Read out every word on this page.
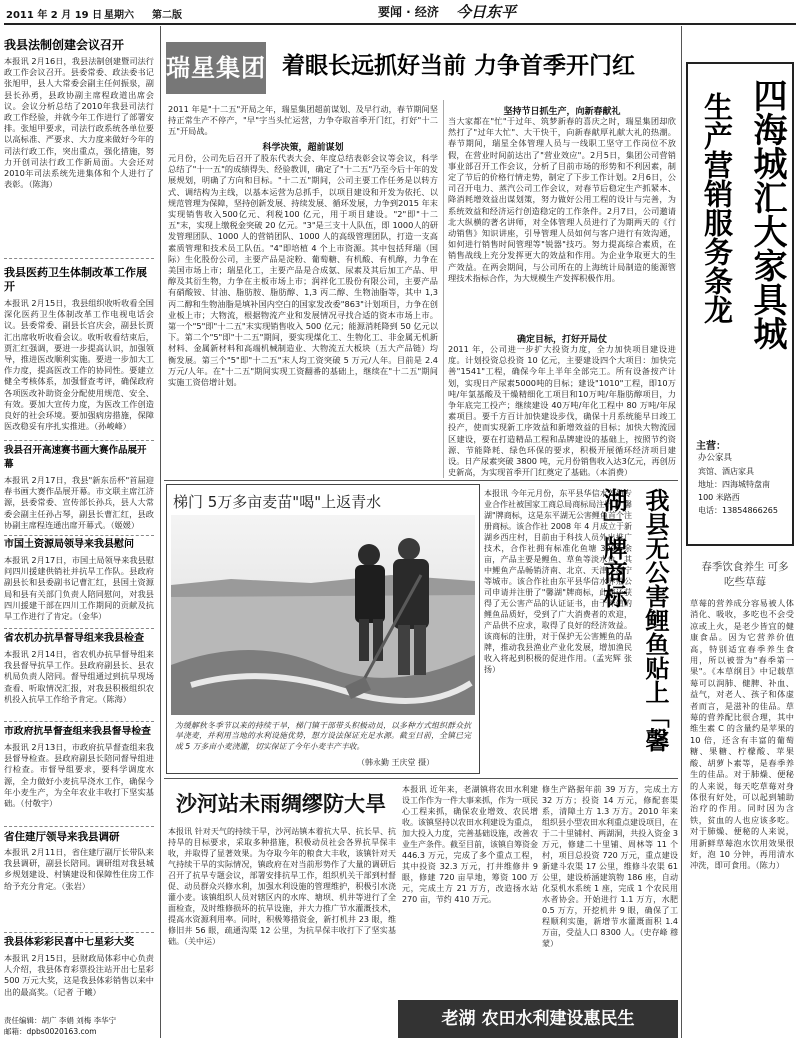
2011 年 2 月 19 日 星期六 第二版	要闻 · 经济 今日东平
我县法制创建会议召开
本报讯 2月16日，我县法制创建暨司法行政工作会议召开。县委常委、政法委书记张旭甲，县人大常委会副主任何振泉，副县长孙勇，县政协副主席程政道出席会议。会议分析总结了2010年我县司法行政工作经验，并就今年工作进行了部署安排。张旭甲要求，司法行政系统各单位要以高标准、严要求、大力度来做好今年的司法行政工作，突出重点，强化措施，努力开创司法行政工作新局面。大会还对2010年司法系统先进集体和个人进行了表彰。（陈海）
我县医药卫生体制改革工作展开
本报讯 2月15日，我县组织收听收看全国深化医药卫生体制改革工作电视电话会议。县委常委、副县长宫庆会，副县长贾汇出席收听收看会议。收听收看结束后，贾汇红强调，要进一步提高认识，加强领导，推进医改顺利实施。要进一步加大工作力度，提高医改工作的协同性。要建立健全考核体系，加强督查考评，确保政府各项医改补助资金分配使用规范、安全、有效。要加大宣传力度，为医改工作创造良好的社会环境。要加强病房措施，保障医改稳妥有序扎实推进。（孙峻峰）
我县召开高速赛书画大赛作品展开幕
本报讯 2月17日，我县"新东岳杯"首届迎春书画大赛作品展开幕。市文联主席江济源，县委常委、宣传部长孙兵，县人大常委会副主任孙占琴，副县长曹汇红，县政协副主席程连通出席开幕式。（姬媛）
市国土资源局领导来我县慰问
本报讯 2月17日，市国土局领导来我县慰问四川援建供销社并抗旱工作队。县政府副县长和县委副书记曹汇红，县国土资源局和县有关部门负责人陪同慰问，对我县四川援建干部在四川工作期间的贡献及抗旱工作进行了肯定。（金华）
省农机办抗旱督导组来我县检查
本报讯 2月14日，省农机办抗旱督导组来我县督导抗旱工作。县政府副县长、县农机局负责人陪同。督导组通过到抗旱现场查看、听取情况汇报，对我县积极组织农机投入抗旱工作给予肯定。（陈海）
市政府抗旱督查组来我县督导检查
本报讯 2月13日，市政府抗旱督查组来我县督导检查。县政府副县长陪同督导组进行检查。市督导组要求，要科学调度水源，全力做好小麦抗旱浇水工作，确保今年小麦生产，为全年农业丰收打下坚实基础。（付敬宇）
省住建厅领导来我县调研
本报讯 2月11日，省住建厅副厅长带队来我县调研，副县长陪同。调研组对我县城乡规划建设、村镇建设和保障性住房工作给予充分肯定。（张岩）
我县体彩彩民喜中七星彩大奖
本报讯 2月15日，县财政局体彩中心负责人介绍，我县体育彩票投注站开出七星彩 500 万元大奖，这是我县体彩销售以来中出的最高奖。（记者 于曦）
责任编辑：胡广 李娟 刘梅 李华宁
邮箱：dpbs0020163.com
瑞星集团 着眼长远抓好当前 力争首季开门红
2011 年是"十二五"开局之年，瑞星集团超前谋划、及早行动，春节期间坚持正常生产不停产，"早"字当头忙运营，力争夺取首季开门红，打好"十二五"开局战。
科学决策，超前谋划
元月份，公司先后召开了股东代表大会、年度总结表彰会议等会议，科学总结了"十一五"的成绩得失、经验教训，确定了"十二五"乃至今后十年的发展规划，明确了方向和目标。"十二五"期间，公司主要工作任务是以转方式、调结构为主线，以基本运营为总抓手，以项目建设和开发为依托、以规范管理为保障，坚持创新发展、持续发展、循环发展，力争到2015 年末实现销售收入500亿元、利税100 亿元，用于项目建设。"2"即"十二五"末，实现上缴税金突破 20 亿元。"3"是三支十人队伍，即 1000人的研发管理团队、1000 人的营销团队、1000 人的高级管理团队，打造一支高素质管理和技术员工队伍。"4"即培植 4 个上市资源。其中包括拜瑞（国际）生化股份公司，主要产品是淀粉、葡萄糖、有机酸、有机醇，力争在美国市场上市；瑞星化工，主要产品是合成氨、尿素及其后加工产品、甲醇及其衍生物，力争在主板市场上市；润祥化工股份有限公司，主要产品有硝酸铵、甘油、脂肪胺、脂肪醇、1,3 丙二醇、生物油脂等，其中 1,3 丙二醇和生物油脂是填补国内空白的国家发改委"863"计划项目，力争在创业板上市；大物流，根据物流产业和发展情况寻找合适的资本市场上市。第一个"5"即"十二五"末实现销售收入 500 亿元；能源消耗降到 50 亿元以下。第二个"5"即"十二五"期间，要实现煤化工、生物化工、非金属无机新材料、金属新材料和高端机械制造业、大物流五大板块（五大产品链）均衡发展。第三个"5"即"十二五"末人均工资突破 5 万元/人年。目前是 2.4 万元/人年。在"十二五"期间实现工资翻番的基础上，继续在"十二五"期间实施工资倍增计划。
坚持节日抓生产，向新春献礼
当大家都在"忙"于过年、筑梦新春的喜庆之时，瑞星集团却欣然打了"过年大忙"、大干快干，向新春献厚礼献大礼的热潮。春节期间，瑞星全体管理人员与一线职工坚守工作岗位不放假，在营业时间前达出了"营业效应"。2月5日，集团公司营销事业部召开工作会议，分析了目前市场的形势和不利因素，制定了节后的价格行情走势，制定了下步工作计划。2月6日，公司召开电力、蒸汽公司工作会议，对春节后稳定生产抓紧本、降消耗增效益出谋划策，努力做好公用工程的设计与完善，为系统效益和经济运行创造稳定的工作条件。2月7日，公司邀请北大纵横的著名讲师，对全体管理人员进行了为期两天的《行动销售》知识讲座，引导管理人员如何与客户进行有效沟通，如何进行销售时间管理等"锐器"技巧。努力提高综合素质，在销售战线上充分发挥更大的效益和作用。为企业争取更大的生产效益。在两会期间，与公司所在的上海统计局制造的能源管理技术指标合作，为大规模生产发挥积极作用。
确定目标，打好开局仗
2011 年，公司进一步扩大投资力度，全力加快项目建设进度。计划投资总投资 10 亿元，主要建设四个大项目：加快完善"1541"工程，确保今年上半年全部完工。所有设备按产计划，实现日产尿素5000吨的目标；建设"1010"工程，即10万吨/年氯基酸及干燥精细化工项目和10万吨/年脂肪醇项目，力争年底完工投产；继续建设 40万吨/年化工程中 80 万吨/年尿素项目。要千方百计加快建设步伐，确保十月系统能早日竣工投产，使而实现新工序效益和新增效益的目标；加快大物流园区建设，要在打造精品工程和品牌建设的基础上，按照节约资源、节能降耗、绿色环保的要求，积极开展循环经济项目建设。日产尿素突破 3800 吨，元月份销售收入达3亿元，再创历史新高，为实现首季开门红奠定了基础。（本消费）
梯门 5万多亩麦苗"喝"上返青水
为缓解秋冬季节以来的持续干旱，梯门镇干部带头积极动员，以多种方式组织群众抗旱浇麦，并利用当地的水利设施优势，想方设法保证充足水源。截至目前，全镇已完成 5 万多亩小麦浇灌，切实保证了今年小麦丰产丰收。
（韩永勤 王庆堂 摄）
本报讯 今年元月份，东平县华信水养殖专业合作社被国家工商总局商标局注册了"馨湖"牌商标，这是东平湖无公害鲤鱼首个注册商标。该合作社 2008 年 4 月成立于新湖乡西庄村，目前由于科技人员外出推广技术，合作社拥有标准化鱼塘 3000 余亩，产品主要是鲤鱼、草鱼等淡水鱼，其中鲤鱼产品畅销济南、北京、天津、济宁等城市。该合作社由东平县华信水养殖公司申请并注册了"馨湖"牌商标，此前还获得了无公害产品的认证证书，由于养殖的鲤鱼品质好，受到了广大消费者的欢迎，产品供不应求，取得了良好的经济效益。该商标的注册，对于保护无公害鲤鱼的品牌，推动我县渔业产业化发展，增加渔民收入将起到积极的促进作用。（孟宪辉 张扬）	我县无公害鲤鱼贴上「馨湖」牌商标
沙河站未雨绸缪防大旱
本报讯 针对天气的持续干旱，沙河站镇本着抗大旱、抗长旱、抗持旱的目标要求，采取多种措施，积极动员社会各界抗旱保丰收，并取得了显著效果。为夺取今年的粮食大丰收，该镇针对天气持续干旱的实际情况，镇政府在对当前形势作了大量的调研后召开了抗旱专题会议，部署安排抗旱工作，组织机关干部到村督促、动员群众兴修水利，加强水利设施的管理维护，积极引水浇灌小麦。该镇组织人员对辖区内的水库、塘坝、机井等进行了全面检查，及时维修损坏的抗旱设施，并大力推广节水灌溉技术，提高水资源利用率。同时，积极筹措资金，新打机井 23 眼，维修旧井 56 眼，疏通沟渠 12 公里，为抗旱保丰收打下了坚实基础。（关中运）
本报讯 近年来，老湖镇将农田水利建设工作作为一件大事来抓，作为一项民心工程来抓，确保农业增效、农民增收。该镇坚持以农田水利建设为重点，加大投入力度，完善基础设施，改善农业生产条件。截至目前，该镇自筹资金 446.3 万元，完成了多个重点工程，其中投资 32.3 万元，打井维修井 9 眼，修建 720 亩旱地，筹资 100 万元，完成土方 21 万方，改造扬水站 270 亩，节约 410 万元。
修生产路据年前 39 万方，完成土方 32 万方；投资 14 万元，修配套渠系，清障土方 1.3 万方。2010 年来组织县小型农田水利重点建设项目，在于二十里铺村、两湖洞，共投入资金 3 万元，修建二十里铺、周林等 11 个村，项目总投资 720 万元，重点建设新建斗农渠 17 公里，维修斗农渠 61 公里，建设桥涵建筑物 186 座，自动化泵机水系统 1 座，完成 1 个农民用水者协会。开始进行 1.1 万方，水肥 0.5 万方，开挖机井 9 眼，确保了工程顺利实施，新增节水灌溉面积 1.4 万亩，受益人口 8300 人。（史存峰 穆蒙）
老湖 农田水利建设惠民生
四海城汇大家具城
生产营销服务条龙
主营：
办公家具
宾馆、酒店家具
地址：四海城特盘南
100 米路西
电话：13854866265
春季饮食养生 可多吃些草莓
草莓的营养成分容易被人体消化、吸收，多吃也不会受凉或上火，是老少皆宜的健康食品。因为它营养价值高，特别适宜春季养生食用，所以被誉为"春季第一果"。《本草纲目》中记载草莓可以润肺、健脾、补血、益气，对老人、孩子和体虚者而言，是滋补的佳品。草莓的营养配比很合理，其中维生素 C 的含量约是苹果的 10 倍，还含有丰富的葡萄糖、果糖、柠檬酸、苹果酸、胡萝卜素等，是春季养生的佳品。对于肺燥、便秘的人来说，每天吃草莓对身体很有好处，可以起到辅助治疗的作用。同时因为含铁，贫血的人也应该多吃。对于肺燥、便秘的人来说，用新鲜草莓泡水饮用效果很好，泡 10 分钟，再用清水冲洗，即可食用。（陈力）
